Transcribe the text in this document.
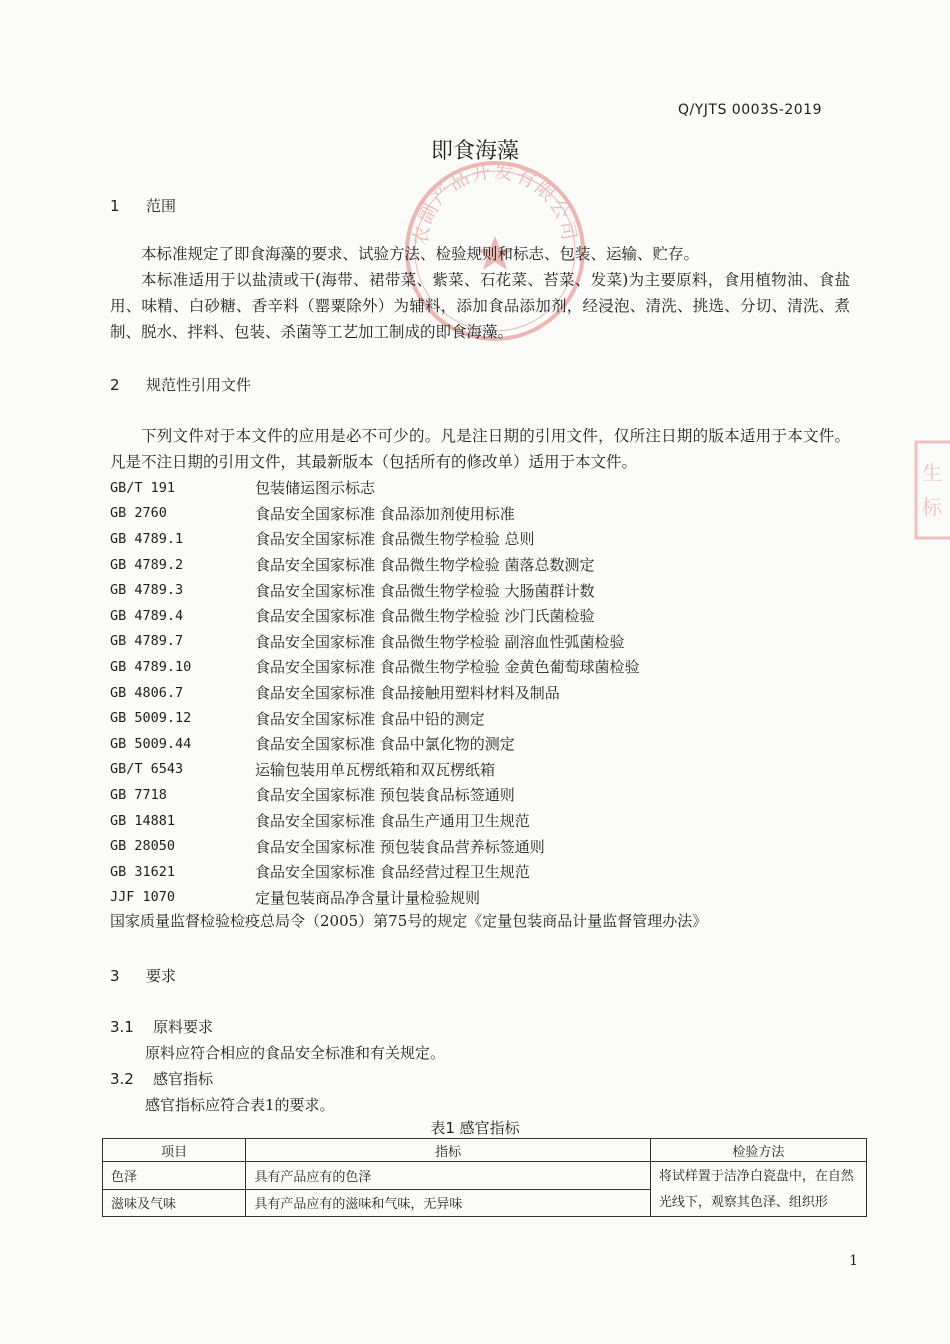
农副产品开发有限公司
生
标
Q/YJTS 0003S-2019
即食海藻
1 范围

本标准规定了即食海藻的要求、试验方法、检验规则和标志、包装、运输、贮存。

本标准适用于以盐渍或干(海带、裙带菜、紫菜、石花菜、苔菜、发菜)为主要原料，食用植物油、食盐用、味精、白砂糖、香辛料（罂粟除外）为辅料，添加食品添加剂，经浸泡、清洗、挑选、分切、清洗、煮制、脱水、拌料、包装、杀菌等工艺加工制成的即食海藻。

2 规范性引用文件

下列文件对于本文件的应用是必不可少的。凡是注日期的引用文件，仅所注日期的版本适用于本文件。凡是不注日期的引用文件，其最新版本（包括所有的修改单）适用于本文件。

GB/T 191	包装储运图示标志
GB 2760	食品安全国家标准 食品添加剂使用标准
GB 4789.1	食品安全国家标准 食品微生物学检验 总则
GB 4789.2	食品安全国家标准 食品微生物学检验 菌落总数测定
GB 4789.3	食品安全国家标准 食品微生物学检验 大肠菌群计数
GB 4789.4	食品安全国家标准 食品微生物学检验 沙门氏菌检验
GB 4789.7	食品安全国家标准 食品微生物学检验 副溶血性弧菌检验
GB 4789.10	食品安全国家标准 食品微生物学检验 金黄色葡萄球菌检验
GB 4806.7	食品安全国家标准 食品接触用塑料材料及制品
GB 5009.12	食品安全国家标准 食品中铅的测定
GB 5009.44	食品安全国家标准 食品中氯化物的测定
GB/T 6543	运输包装用单瓦楞纸箱和双瓦楞纸箱
GB 7718	食品安全国家标准 预包装食品标签通则
GB 14881	食品安全国家标准 食品生产通用卫生规范
GB 28050	食品安全国家标准 预包装食品营养标签通则
GB 31621	食品安全国家标准 食品经营过程卫生规范
JJF 1070	定量包装商品净含量计量检验规则
国家质量监督检验检疫总局令（2005）第75号的规定《定量包装商品计量监督管理办法》
3 要求
3.1 原料要求
原料应符合相应的食品安全标准和有关规定。
3.2 感官指标
感官指标应符合表1的要求。
表1 感官指标
项目	指标	检验方法
色泽	具有产品应有的色泽	将试样置于洁净白瓷盘中，在自然光线下，观察其色泽、组织形
滋味及气味	具有产品应有的滋味和气味，无异味	
1
